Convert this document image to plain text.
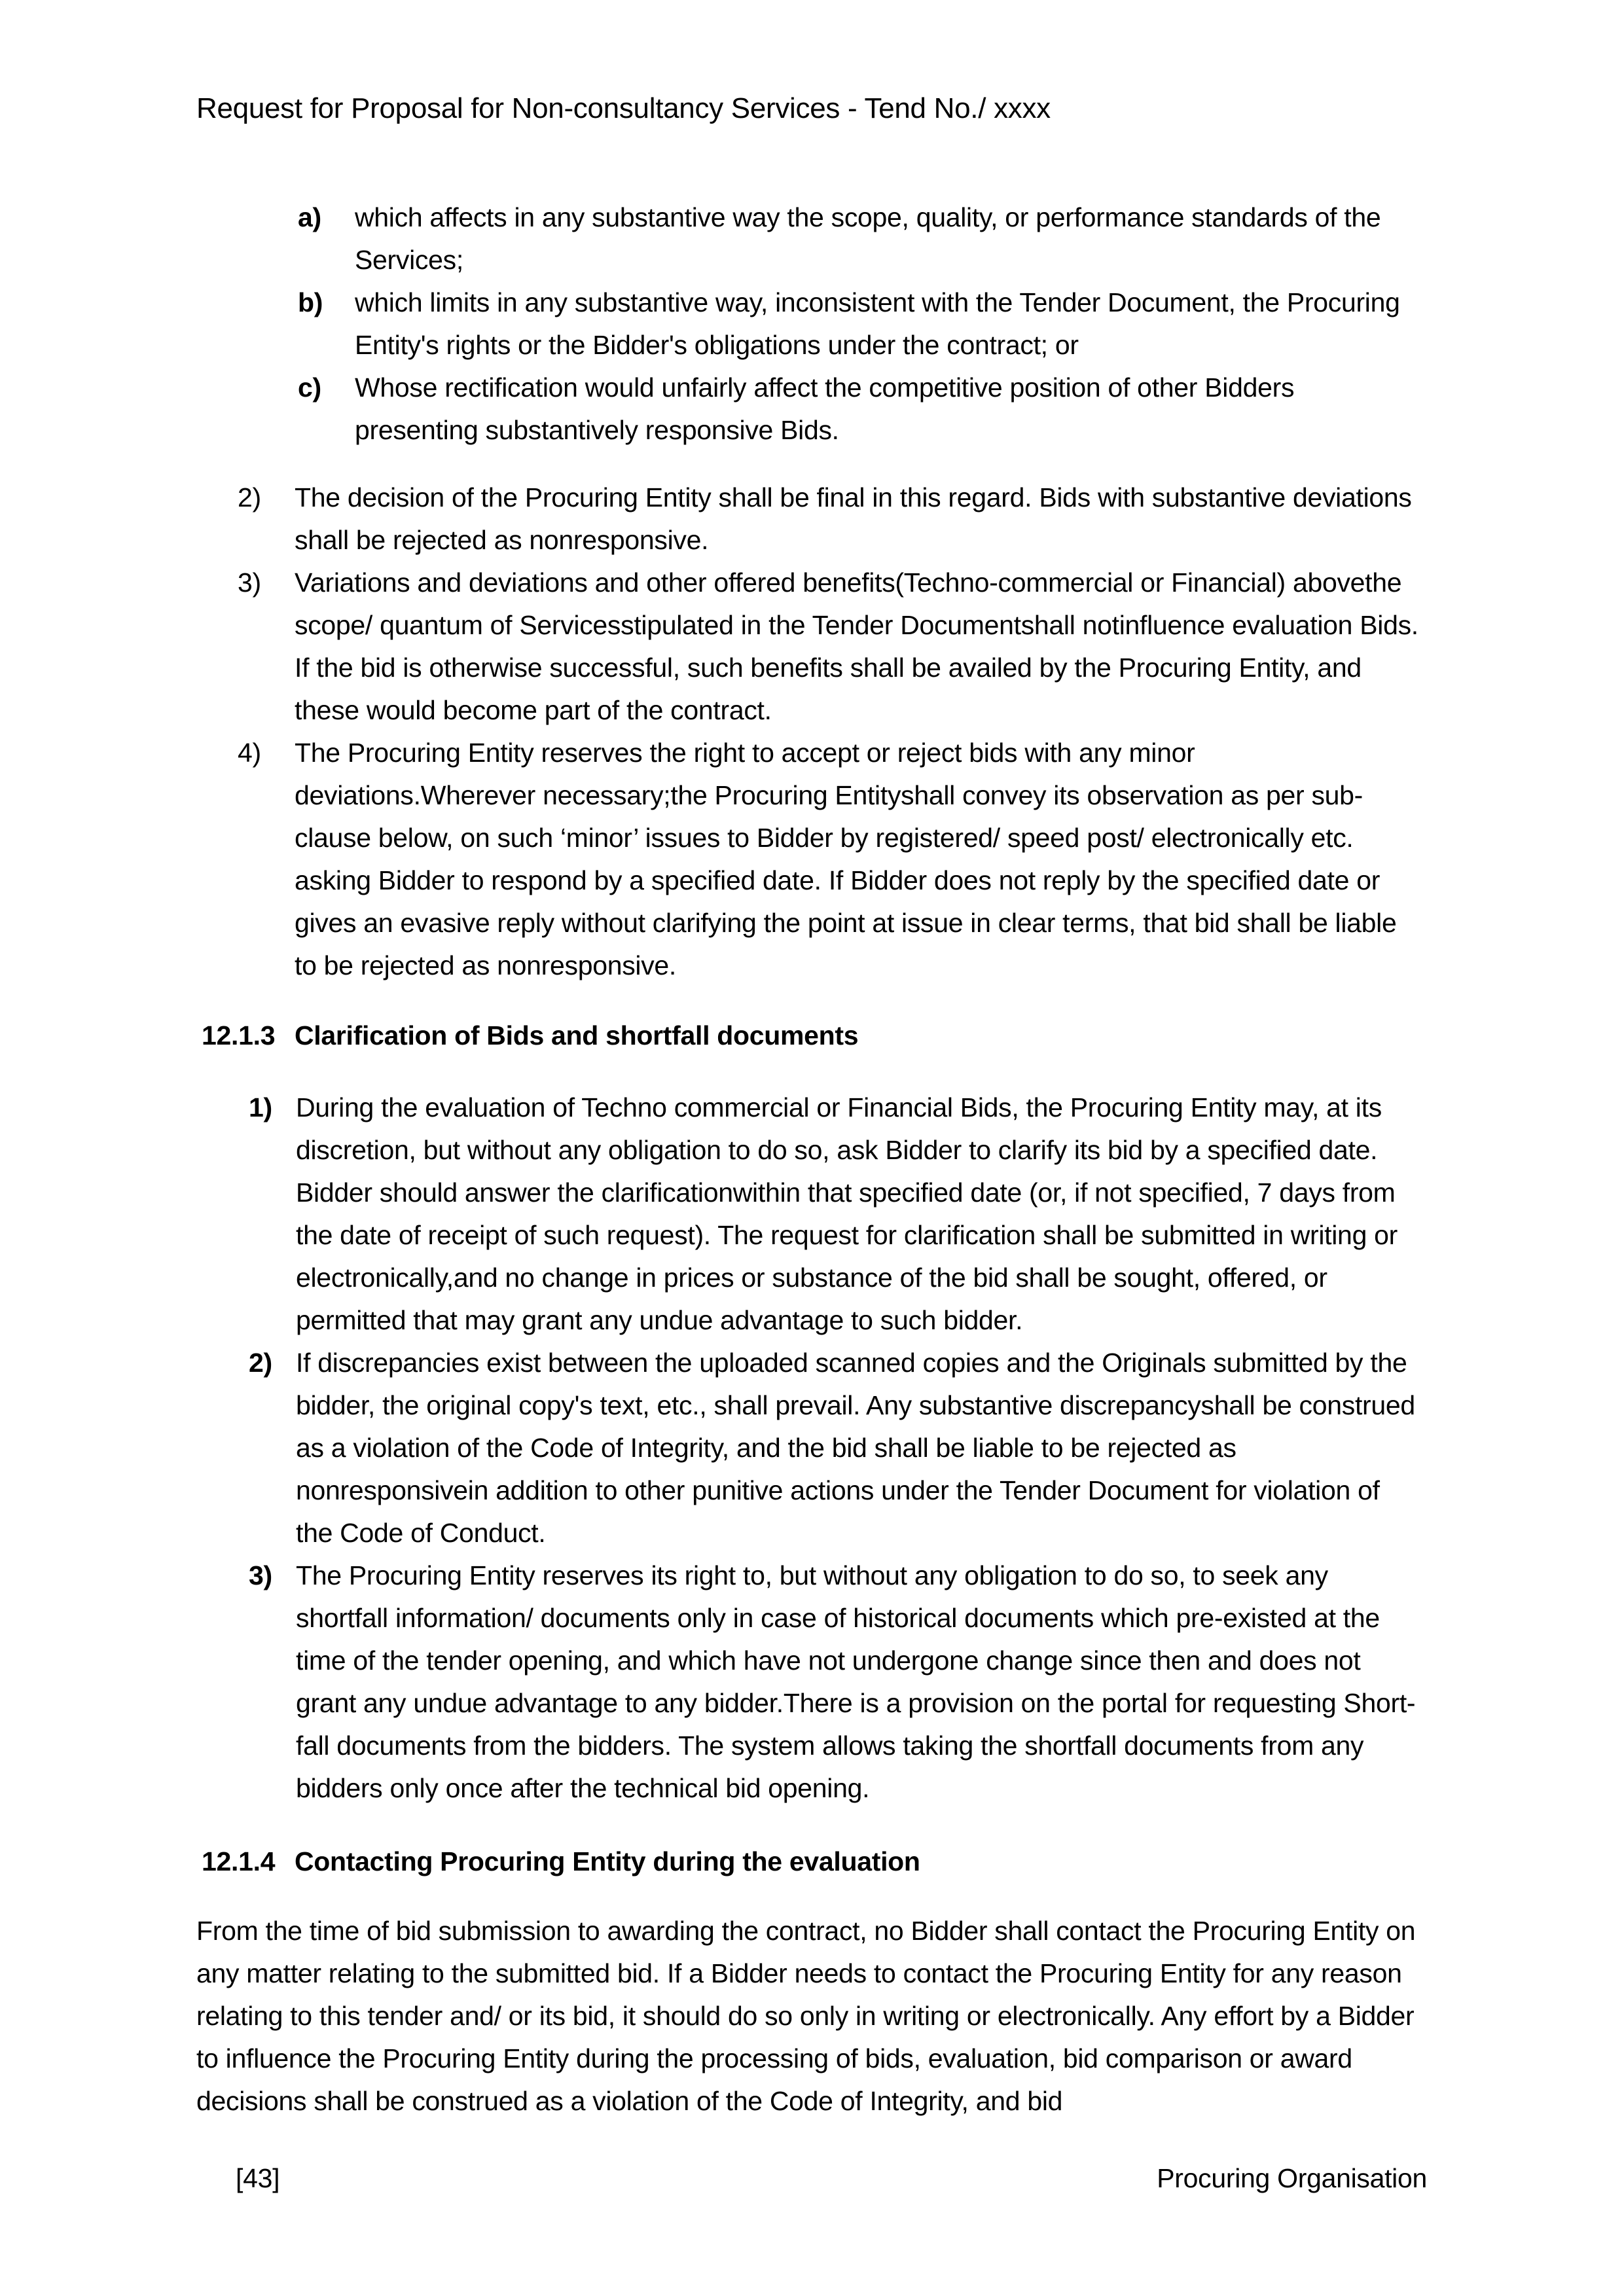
Request for Proposal for Non-consultancy Services - Tend No./ xxxx
a) which affects in any substantive way the scope, quality, or performance standards of the Services;
b) which limits in any substantive way, inconsistent with the Tender Document, the Procuring Entity's rights or the Bidder's obligations under the contract; or
c) Whose rectification would unfairly affect the competitive position of other Bidders presenting substantively responsive Bids.
2) The decision of the Procuring Entity shall be final in this regard. Bids with substantive deviations shall be rejected as nonresponsive.
3) Variations and deviations and other offered benefits(Techno-commercial or Financial) abovethe scope/ quantum of Servicesstipulated in the Tender Documentshall notinfluence evaluation Bids. If the bid is otherwise successful, such benefits shall be availed by the Procuring Entity, and these would become part of the contract.
4) The Procuring Entity reserves the right to accept or reject bids with any minor deviations.Wherever necessary;the Procuring Entityshall convey its observation as per sub-clause below, on such ‘minor’ issues to Bidder by registered/ speed post/ electronically etc. asking Bidder to respond by a specified date. If Bidder does not reply by the specified date or gives an evasive reply without clarifying the point at issue in clear terms, that bid shall be liable to be rejected as nonresponsive.
12.1.3 Clarification of Bids and shortfall documents
1) During the evaluation of Techno commercial or Financial Bids, the Procuring Entity may, at its discretion, but without any obligation to do so, ask Bidder to clarify its bid by a specified date. Bidder should answer the clarificationwithin that specified date (or, if not specified, 7 days from the date of receipt of such request). The request for clarification shall be submitted in writing or electronically,and no change in prices or substance of the bid shall be sought, offered, or permitted that may grant any undue advantage to such bidder.
2) If discrepancies exist between the uploaded scanned copies and the Originals submitted by the bidder, the original copy's text, etc., shall prevail. Any substantive discrepancyshall be construed as a violation of the Code of Integrity, and the bid shall be liable to be rejected as nonresponsivein addition to other punitive actions under the Tender Document for violation of the Code of Conduct.
3) The Procuring Entity reserves its right to, but without any obligation to do so, to seek any shortfall information/ documents only in case of historical documents which pre-existed at the time of the tender opening, and which have not undergone change since then and does not grant any undue advantage to any bidder.There is a provision on the portal for requesting Short-fall documents from the bidders. The system allows taking the shortfall documents from any bidders only once after the technical bid opening.
12.1.4 Contacting Procuring Entity during the evaluation
From the time of bid submission to awarding the contract, no Bidder shall contact the Procuring Entity on any matter relating to the submitted bid. If a Bidder needs to contact the Procuring Entity for any reason relating to this tender and/ or its bid, it should do so only in writing or electronically. Any effort by a Bidder to influence the Procuring Entity during the processing of bids, evaluation, bid comparison or award decisions shall be construed as a violation of the Code of Integrity, and bid
[43]	Procuring Organisation
